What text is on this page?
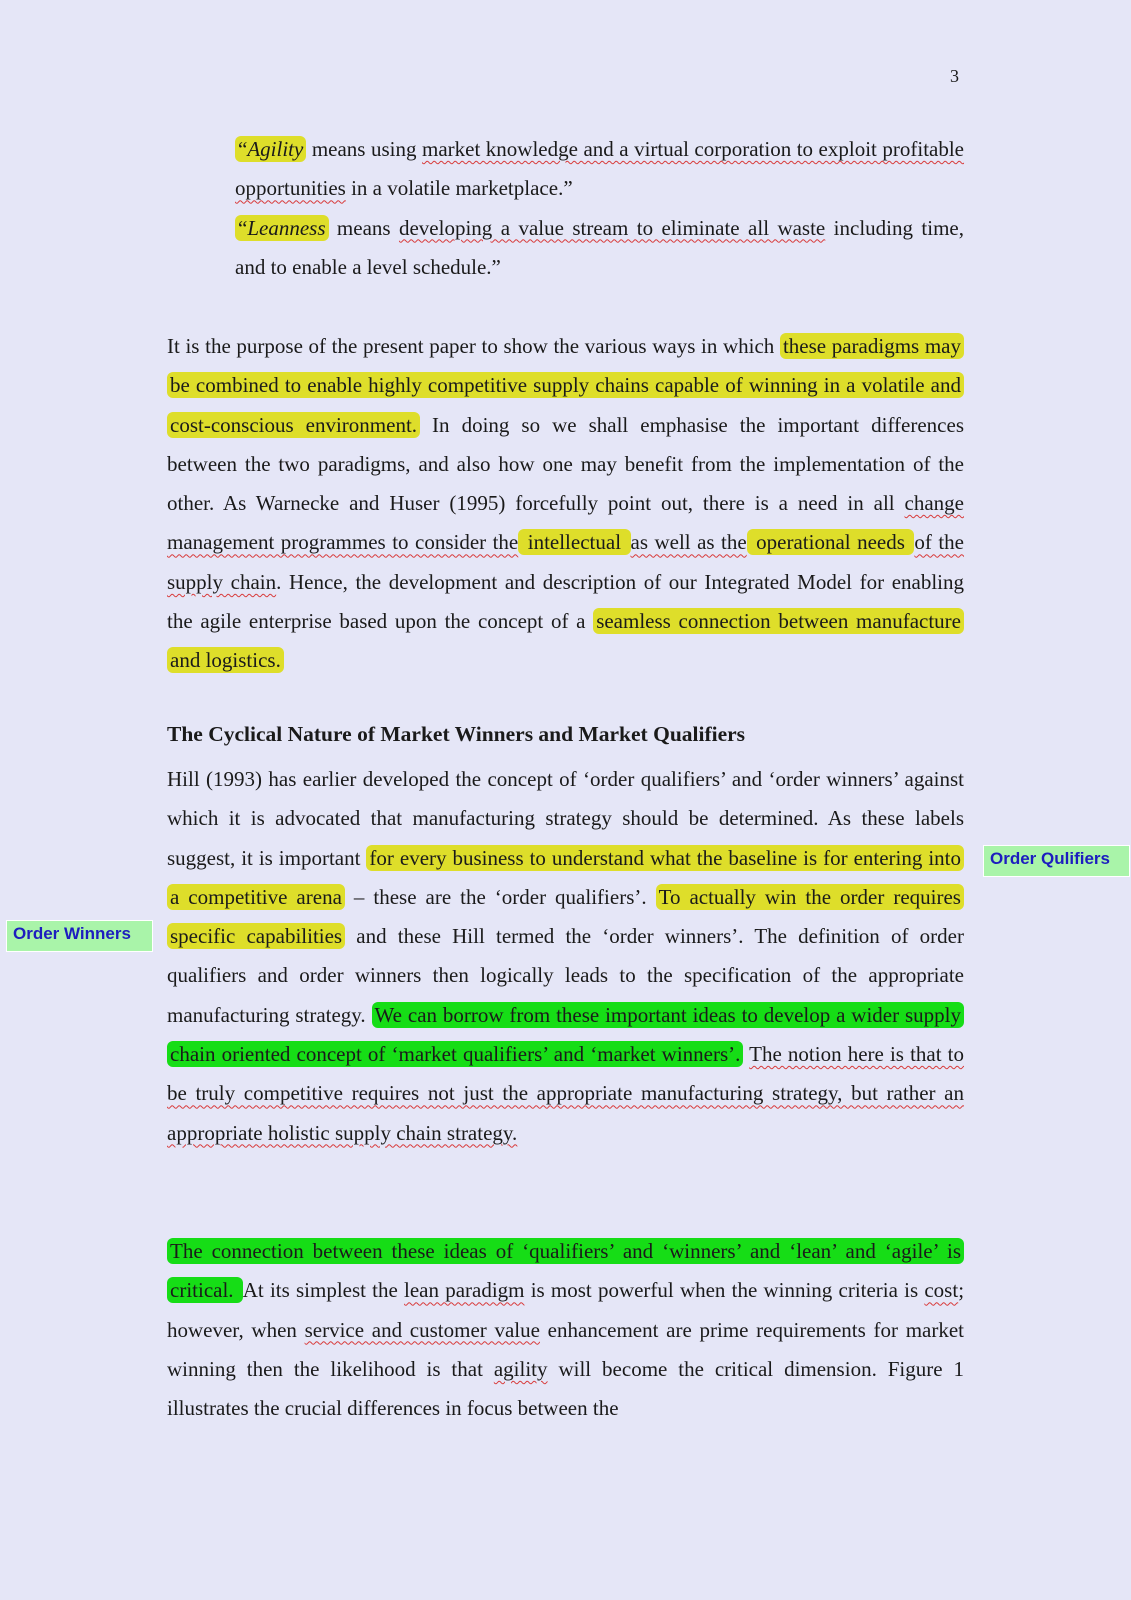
3

“Agility means using market knowledge and a virtual corporation to exploit profitable opportunities in a volatile marketplace.”

“Leanness means developing a value stream to eliminate all waste including time, and to enable a level schedule.”

It is the purpose of the present paper to show the various ways in which these paradigms may be combined to enable highly competitive supply chains capable of winning in a volatile and cost-conscious environment. In doing so we shall emphasise the important differences between the two paradigms, and also how one may benefit from the implementation of the other. As Warnecke and Huser (1995) forcefully point out, there is a need in all change management programmes to consider the intellectual as well as the operational needs of the supply chain. Hence, the development and description of our Integrated Model for enabling the agile enterprise based upon the concept of a seamless connection between manufacture and logistics.

The Cyclical Nature of Market Winners and Market Qualifiers

Hill (1993) has earlier developed the concept of ‘order qualifiers’ and ‘order winners’ against which it is advocated that manufacturing strategy should be determined. As these labels suggest, it is important for every business to understand what the baseline is for entering into a competitive arena – these are the ‘order qualifiers’. To actually win the order requires specific capabilities and these Hill termed the ‘order winners’. The definition of order qualifiers and order winners then logically leads to the specification of the appropriate manufacturing strategy. We can borrow from these important ideas to develop a wider supply chain oriented concept of ‘market qualifiers’ and ‘market winners’. The notion here is that to be truly competitive requires not just the appropriate manufacturing strategy, but rather an appropriate holistic supply chain strategy.

The connection between these ideas of ‘qualifiers’ and ‘winners’ and ‘lean’ and ‘agile’ is critical. At its simplest the lean paradigm is most powerful when the winning criteria is cost; however, when service and customer value enhancement are prime requirements for market winning then the likelihood is that agility will become the critical dimension. Figure 1 illustrates the crucial differences in focus between the

Order Winners
Order Qulifiers
